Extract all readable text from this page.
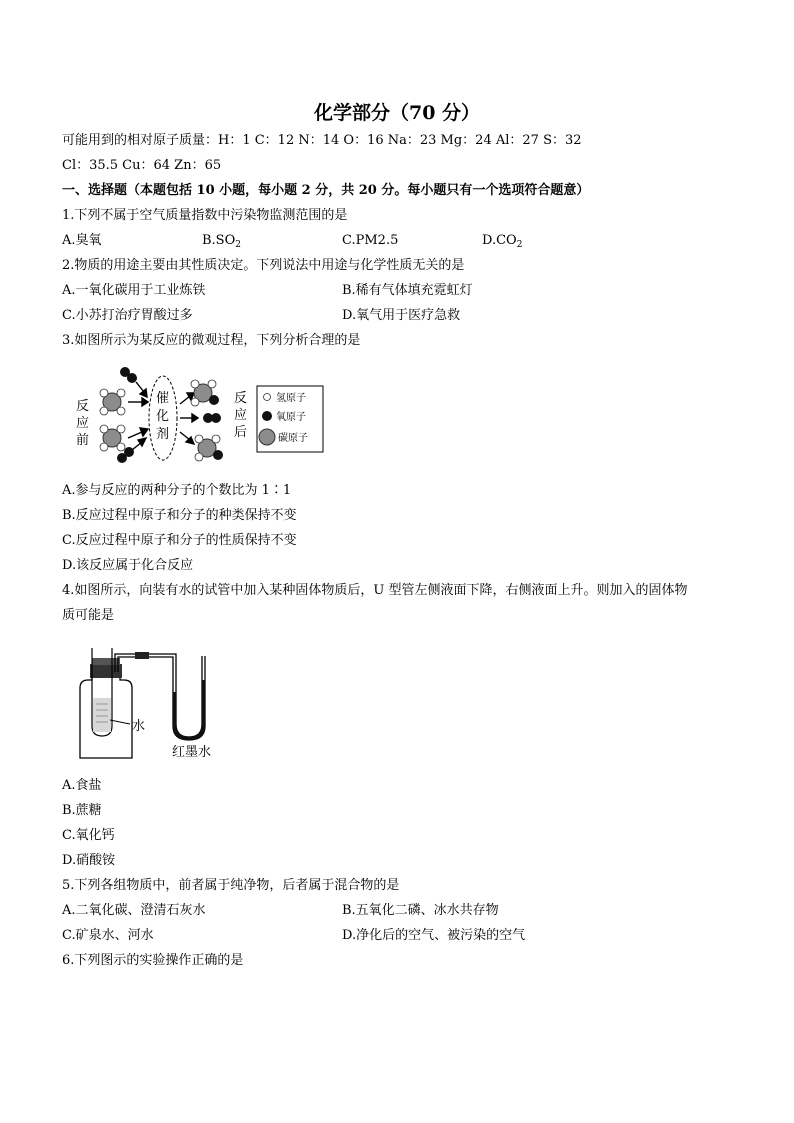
化学部分（70 分）
可能用到的相对原子质量：H：1 C：12 N：14 O：16 Na：23 Mg：24 Al：27 S：32
Cl：35.5 Cu：64 Zn：65
一、选择题（本题包括 10 小题，每小题 2 分，共 20 分。每小题只有一个选项符合题意）
1.下列不属于空气质量指数中污染物监测范围的是
A.臭氧	$B.SO_2$	C.PM2.5	$D.CO_2$
2.物质的用途主要由其性质决定。下列说法中用途与化学性质无关的是
A.一氧化碳用于工业炼铁	B.稀有气体填充霓虹灯
C.小苏打治疗胃酸过多	D.氧气用于医疗急救
3.如图所示为某反应的微观过程，下列分析合理的是
反
应
前
催
化
剂
反
应
后
氢原子
氧原子
碳原子
A.参与反应的两种分子的个数比为 1∶1
B.反应过程中原子和分子的种类保持不变
C.反应过程中原子和分子的性质保持不变
D.该反应属于化合反应
4.如图所示，向装有水的试管中加入某种固体物质后，U 型管左侧液面下降，右侧液面上升。则加入的固体物
质可能是
水
红墨水
A.食盐
B.蔗糖
C.氧化钙
D.硝酸铵
5.下列各组物质中，前者属于纯净物，后者属于混合物的是
A.二氧化碳、澄清石灰水	B.五氧化二磷、冰水共存物
C.矿泉水、河水	D.净化后的空气、被污染的空气
6.下列图示的实验操作正确的是
